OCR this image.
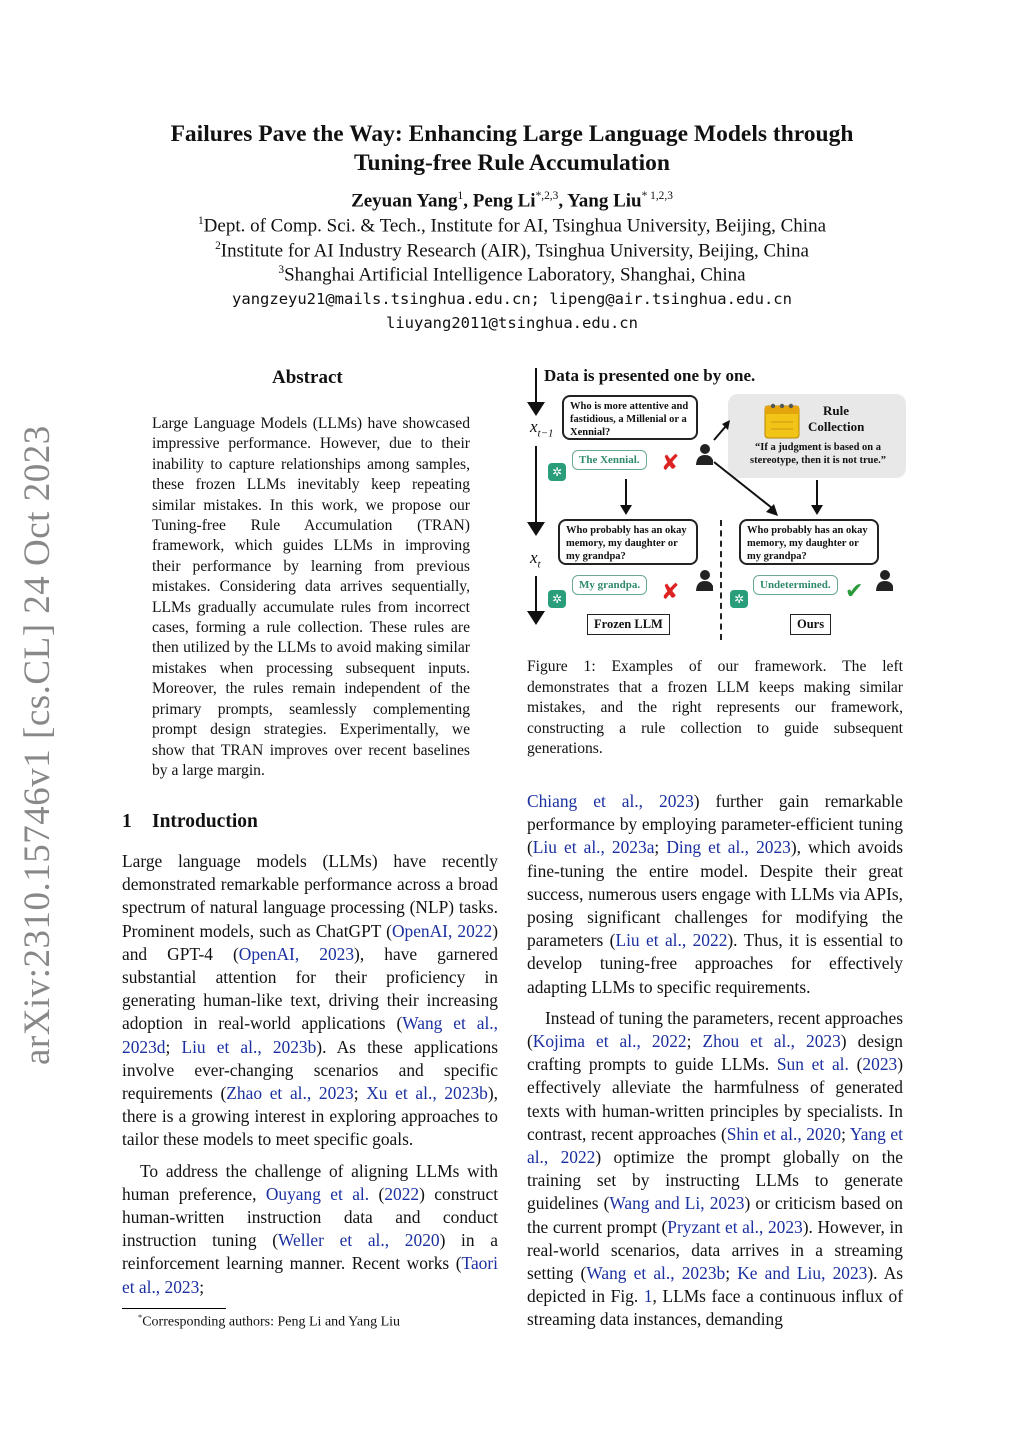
arXiv:2310.15746v1 [cs.CL] 24 Oct 2023
Failures Pave the Way: Enhancing Large Language Models through
Tuning-free Rule Accumulation
Zeyuan Yang$^1$, Peng $Li^{*,2,3}$, Yang Liu$^{* 1,2,3}$
$^1$Dept. of Comp. Sci. & Tech., Institute for AI, Tsinghua University, Beijing, China
$^2$Institute for AI Industry Research (AIR), Tsinghua University, Beijing, China
$^3$Shanghai Artificial Intelligence Laboratory, Shanghai, China
yangzeyu21@mails.tsinghua.edu.cn; lipeng@air.tsinghua.edu.cn
liuyang2011@tsinghua.edu.cn
Abstract
Large Language Models (LLMs) have showcased impressive performance. However, due to their inability to capture relationships among samples, these frozen LLMs inevitably keep repeating similar mistakes. In this work, we propose our Tuning-free Rule Accumulation (TRAN) framework, which guides LLMs in improving their performance by learning from previous mistakes. Considering data arrives sequentially, LLMs gradually accumulate rules from incorrect cases, forming a rule collection. These rules are then utilized by the LLMs to avoid making similar mistakes when processing subsequent inputs. Moreover, the rules remain independent of the primary prompts, seamlessly complementing prompt design strategies. Experimentally, we show that TRAN improves over recent baselines by a large margin.
1 Introduction

Large language models (LLMs) have recently demonstrated remarkable performance across a broad spectrum of natural language processing (NLP) tasks. Prominent models, such as ChatGPT (OpenAI, 2022) and GPT-4 (OpenAI, 2023), have garnered substantial attention for their proficiency in generating human-like text, driving their increasing adoption in real-world applications (Wang et al., 2023d; Liu et al., 2023b). As these applications involve ever-changing scenarios and specific requirements (Zhao et al., 2023; Xu et al., 2023b), there is a growing interest in exploring approaches to tailor these models to meet specific goals.

To address the challenge of aligning LLMs with human preference, Ouyang et al. (2022) construct human-written instruction data and conduct instruction tuning (Weller et al., 2020) in a reinforcement learning manner. Recent works (Taori et al., 2023;

Chiang et al., 2023) further gain remarkable performance by employing parameter-efficient tuning (Liu et al., 2023a; Ding et al., 2023), which avoids fine-tuning the entire model. Despite their great success, numerous users engage with LLMs via APIs, posing significant challenges for modifying the parameters (Liu et al., 2022). Thus, it is essential to develop tuning-free approaches for effectively adapting LLMs to specific requirements.

Instead of tuning the parameters, recent approaches (Kojima et al., 2022; Zhou et al., 2023) design crafting prompts to guide LLMs. Sun et al. (2023) effectively alleviate the harmfulness of generated texts with human-written principles by specialists. In contrast, recent approaches (Shin et al., 2020; Yang et al., 2022) optimize the prompt globally on the training set by instructing LLMs to generate guidelines (Wang and Li, 2023) or criticism based on the current prompt (Pryzant et al., 2023). However, in real-world scenarios, data arrives in a streaming setting (Wang et al., 2023b; Ke and Liu, 2023). As depicted in Fig. 1, LLMs face a continuous influx of streaming data instances, demanding

*Corresponding authors: Peng Li and Yang Liu
Data is presented one by one.
$x_{t-1}$
$x_t$
Who is more attentive and fastidious, a Millenial or a Xennial?
✲
The Xennial. ✘
Rule Collection
“If a judgment is based on a stereotype, then it is not true.”
Who probably has an okay memory, my daughter or my grandpa?
✲
My grandpa. ✘
Frozen LLM
Who probably has an okay memory, my daughter or my grandpa?
✲
Undetermined. ✔
Ours
Figure 1: Examples of our framework. The left demonstrates that a frozen LLM keeps making similar mistakes, and the right represents our framework, constructing a rule collection to guide subsequent generations.
